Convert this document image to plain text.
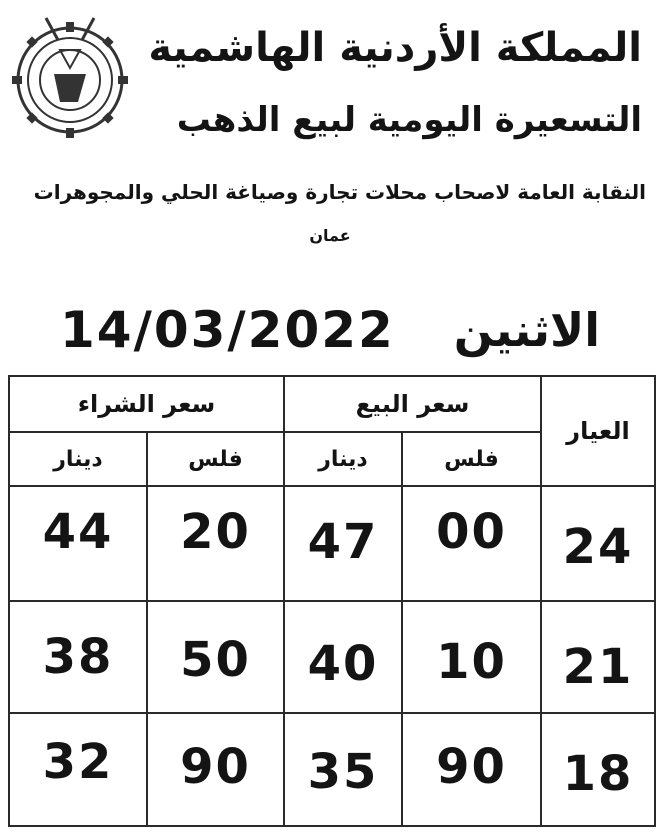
المملكة الأردنية الهاشمية
التسعيرة اليومية لبيع الذهب
النقابة العامة لاصحاب محلات تجارة وصياغة الحلي والمجوهرات
عمان
الاثنين
14/03/2022
سعر الشراء	سعر البيع
العيار
دينار	فلس	دينار	فلس
44 20 47 00 24
38 50 40 10 21
32 90 35 90 18
